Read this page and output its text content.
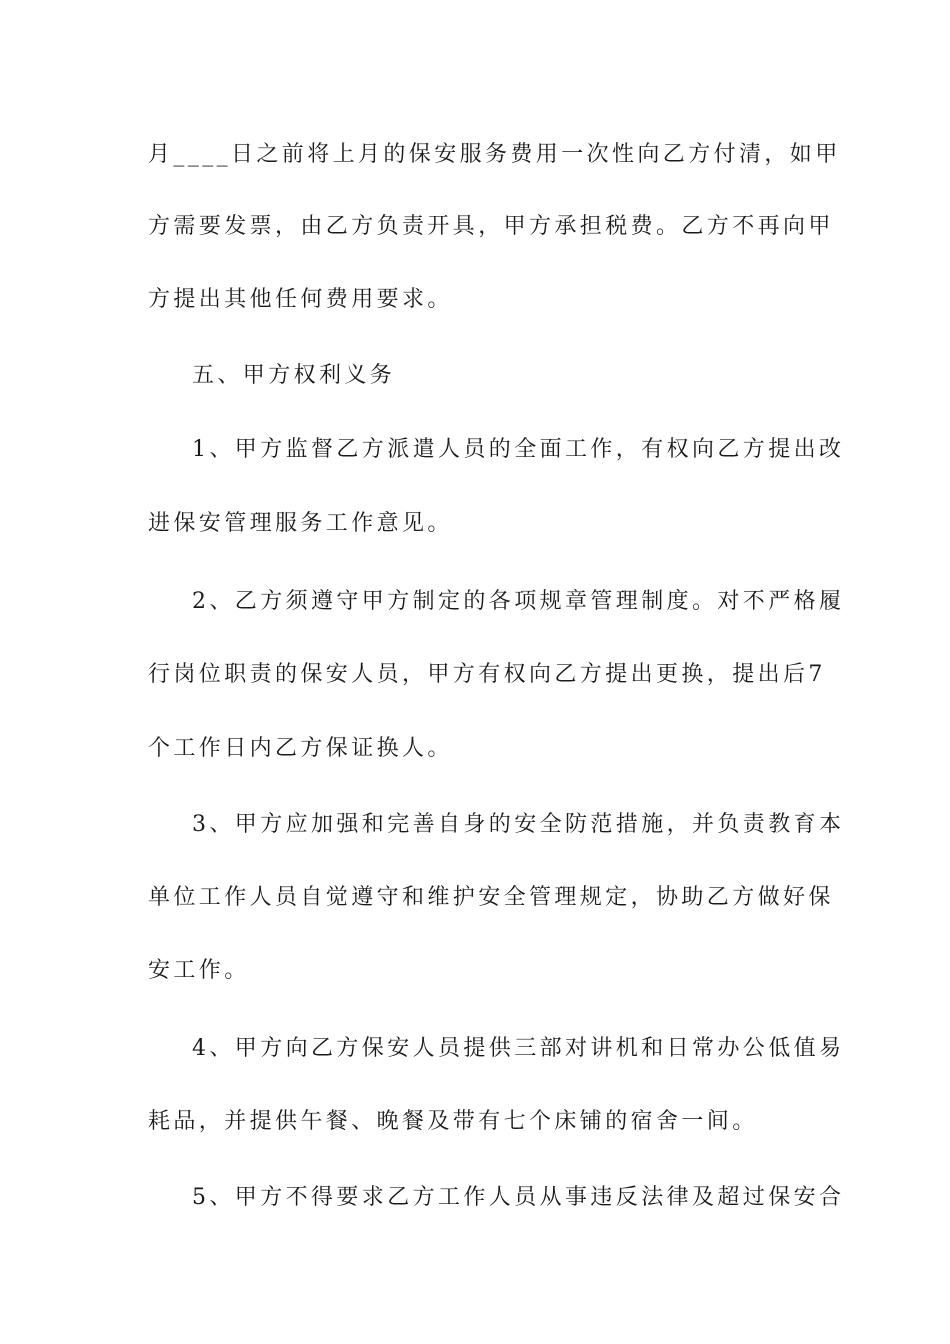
月____日之前将上月的保安服务费用一次性向乙方付清，如甲
方需要发票，由乙方负责开具，甲方承担税费。乙方不再向甲
方提出其他任何费用要求。
五、甲方权利义务
1、甲方监督乙方派遣人员的全面工作，有权向乙方提出改
进保安管理服务工作意见。
2、乙方须遵守甲方制定的各项规章管理制度。对不严格履
行岗位职责的保安人员，甲方有权向乙方提出更换，提出后7
个工作日内乙方保证换人。
3、甲方应加强和完善自身的安全防范措施，并负责教育本
单位工作人员自觉遵守和维护安全管理规定，协助乙方做好保
安工作。
4、甲方向乙方保安人员提供三部对讲机和日常办公低值易
耗品，并提供午餐、晚餐及带有七个床铺的宿舍一间。
5、甲方不得要求乙方工作人员从事违反法律及超过保安合
